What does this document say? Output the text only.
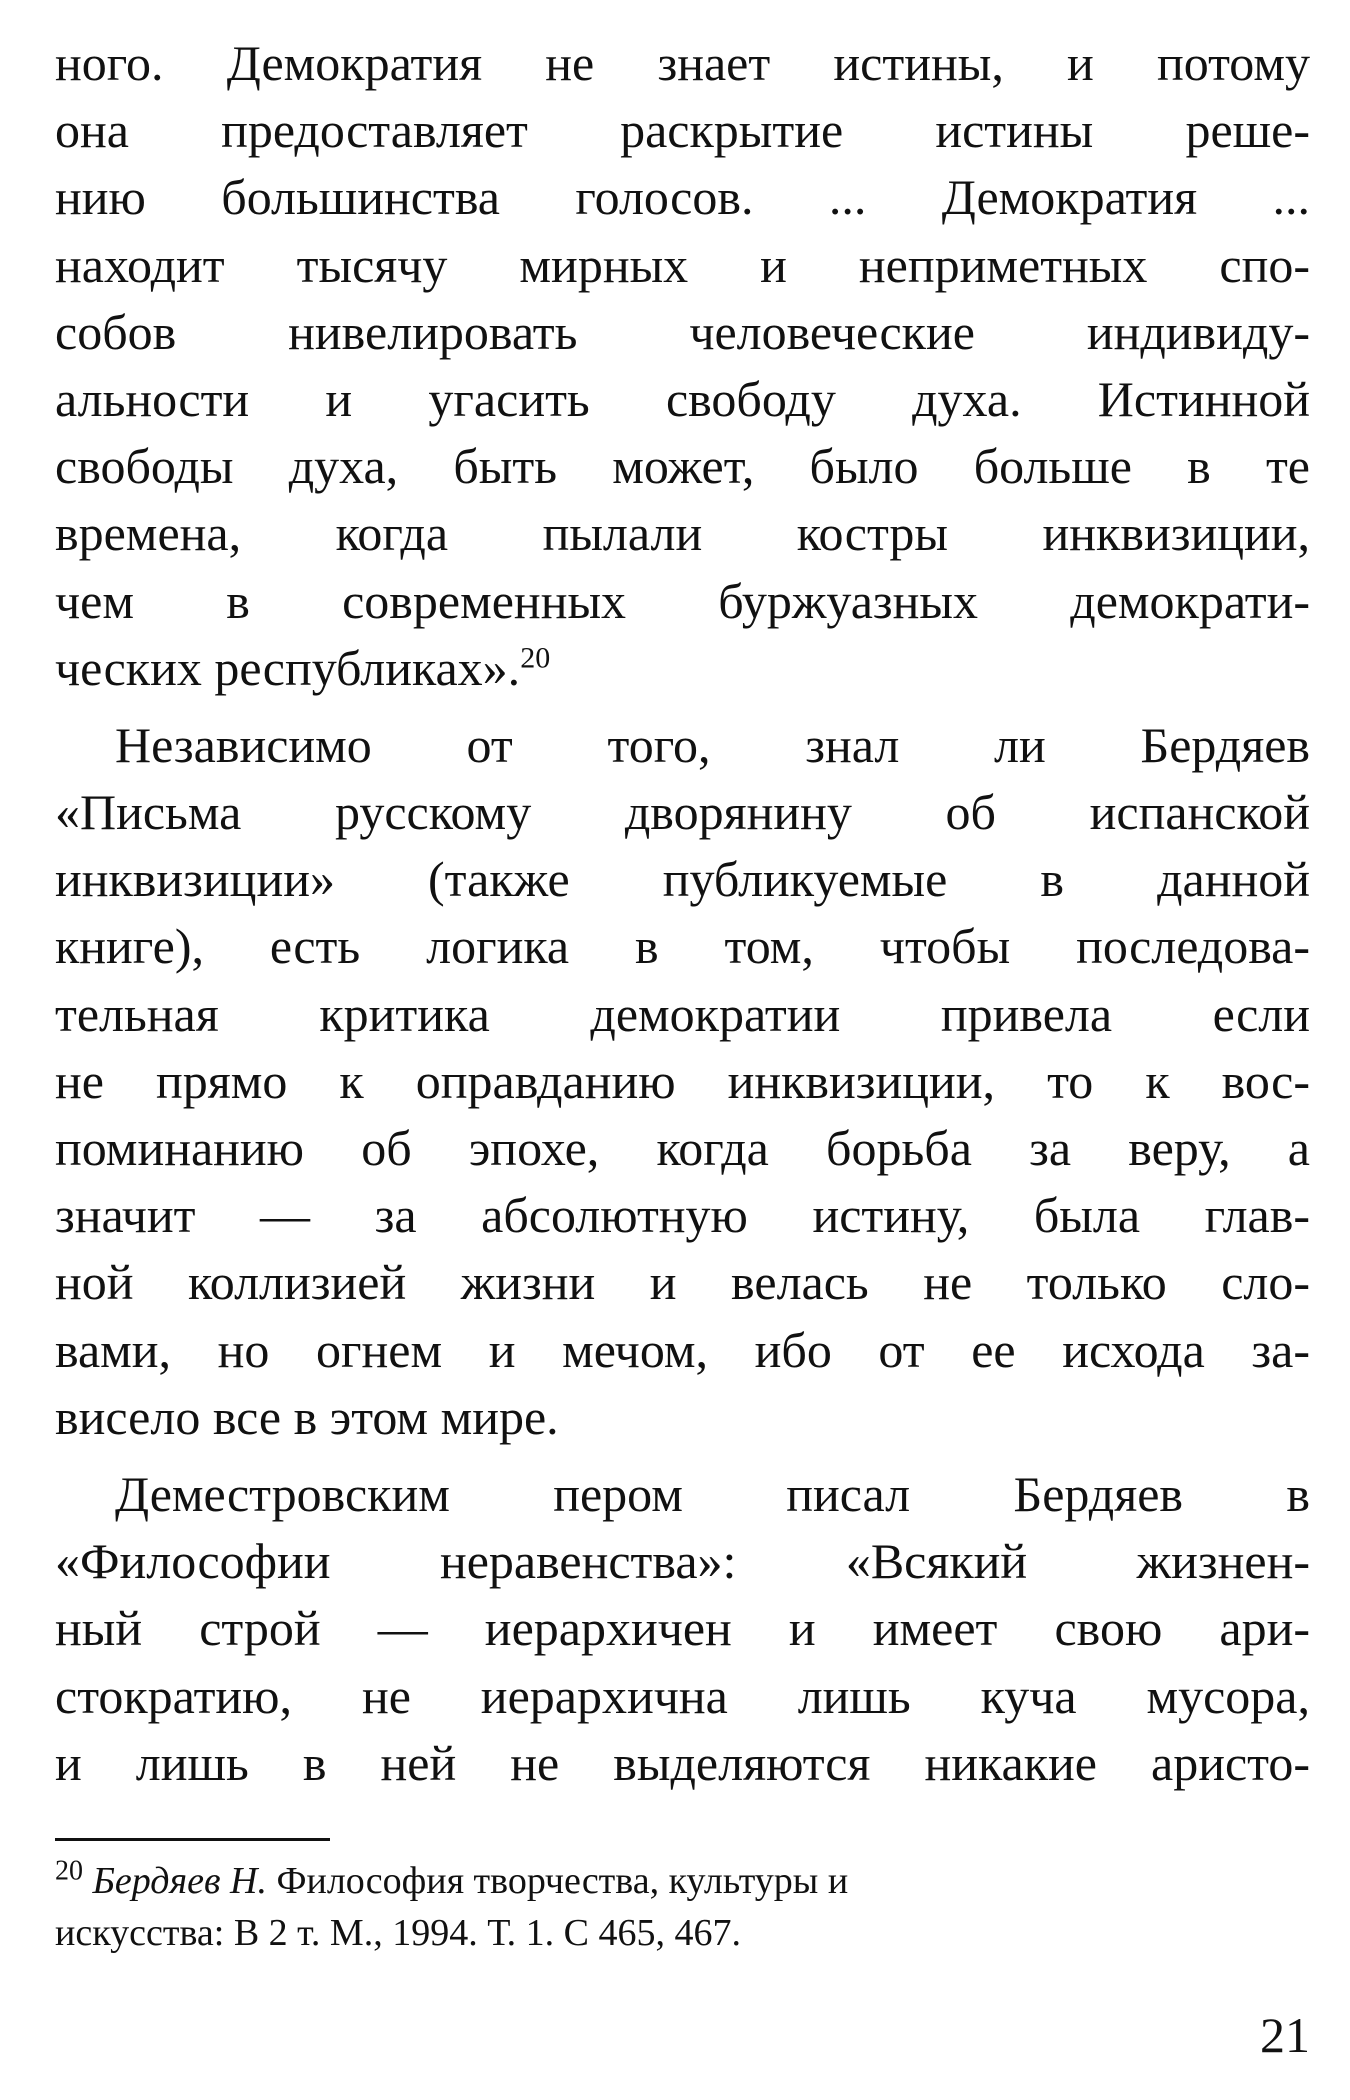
ного. Демократия не знает истины, и потому
она предоставляет раскрытие истины реше-
нию большинства голосов. ... Демократия ...
находит тысячу мирных и неприметных спо-
собов нивелировать человеческие индивиду-
альности и угасить свободу духа. Истинной
свободы духа, быть может, было больше в те
времена, когда пылали костры инквизиции,
чем в современных буржуазных демократи-
ческих республиках».$^{20}$
Независимо от того, знал ли Бердяев
«Письма русскому дворянину об испанской
инквизиции» (также публикуемые в данной
книге), есть логика в том, чтобы последова-
тельная критика демократии привела если
не прямо к оправданию инквизиции, то к вос-
поминанию об эпохе, когда борьба за веру, а
значит — за абсолютную истину, была глав-
ной коллизией жизни и велась не только сло-
вами, но огнем и мечом, ибо от ее исхода за-
висело все в этом мире.
Деместровским пером писал Бердяев в
«Философии неравенства»: «Всякий жизнен-
ный строй — иерархичен и имеет свою ари-
стократию, не иерархична лишь куча мусора,
и лишь в ней не выделяются никакие аристо-
$^{20}$ Бердяев Н. Философия творчества, культуры и
искусства: В 2 т. М., 1994. Т. 1. С 465, 467.
21
